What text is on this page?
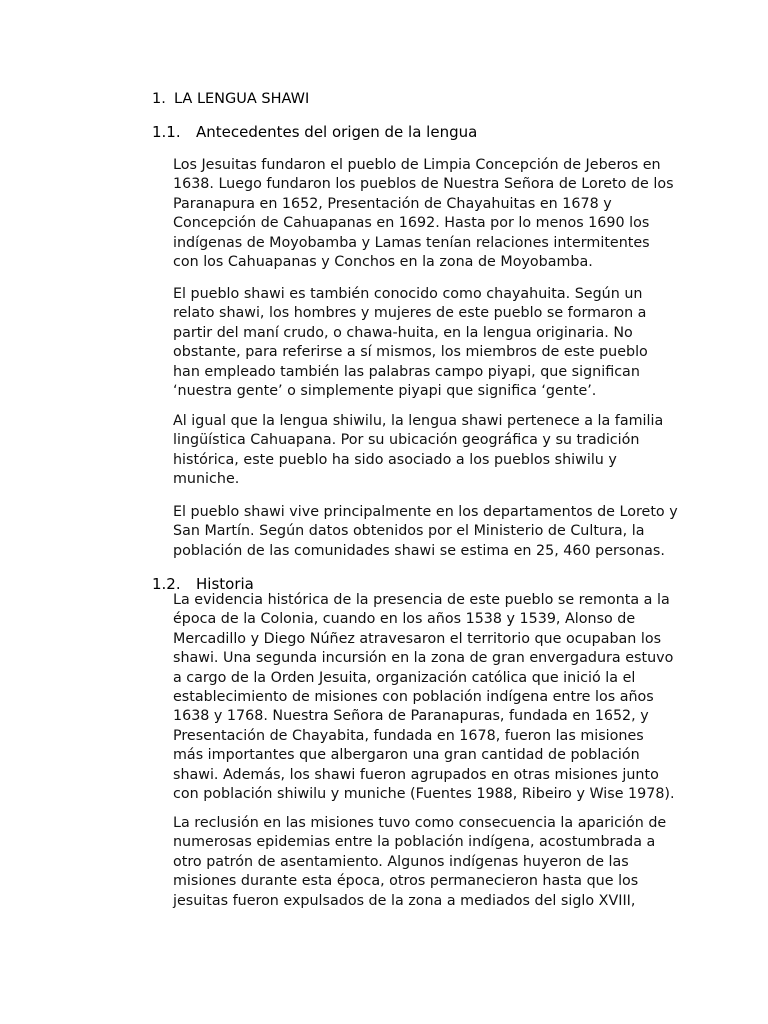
1. LA LENGUA SHAWI
1.1. Antecedentes del origen de la lengua

Los Jesuitas fundaron el pueblo de Limpia Concepción de Jeberos en
1638. Luego fundaron los pueblos de Nuestra Señora de Loreto de los
Paranapura en 1652, Presentación de Chayahuitas en 1678 y
Concepción de Cahuapanas en 1692. Hasta por lo menos 1690 los
indígenas de Moyobamba y Lamas tenían relaciones intermitentes
con los Cahuapanas y Conchos en la zona de Moyobamba.

El pueblo shawi es también conocido como chayahuita. Según un
relato shawi, los hombres y mujeres de este pueblo se formaron a
partir del maní crudo, o chawa-huita, en la lengua originaria. No
obstante, para referirse a sí mismos, los miembros de este pueblo
han empleado también las palabras campo piyapi, que significan
‘nuestra gente’ o simplemente piyapi que significa ‘gente’.

Al igual que la lengua shiwilu, la lengua shawi pertenece a la familia
lingüística Cahuapana. Por su ubicación geográfica y su tradición
histórica, este pueblo ha sido asociado a los pueblos shiwilu y
muniche.

El pueblo shawi vive principalmente en los departamentos de Loreto y
San Martín. Según datos obtenidos por el Ministerio de Cultura, la
población de las comunidades shawi se estima en 25, 460 personas.

1.2. Historia

La evidencia histórica de la presencia de este pueblo se remonta a la
época de la Colonia, cuando en los años 1538 y 1539, Alonso de
Mercadillo y Diego Núñez atravesaron el territorio que ocupaban los
shawi. Una segunda incursión en la zona de gran envergadura estuvo
a cargo de la Orden Jesuita, organización católica que inició la el
establecimiento de misiones con población indígena entre los años
1638 y 1768. Nuestra Señora de Paranapuras, fundada en 1652, y
Presentación de Chayabita, fundada en 1678, fueron las misiones
más importantes que albergaron una gran cantidad de población
shawi. Además, los shawi fueron agrupados en otras misiones junto
con población shiwilu y muniche (Fuentes 1988, Ribeiro y Wise 1978).

La reclusión en las misiones tuvo como consecuencia la aparición de
numerosas epidemias entre la población indígena, acostumbrada a
otro patrón de asentamiento. Algunos indígenas huyeron de las
misiones durante esta época, otros permanecieron hasta que los
jesuitas fueron expulsados de la zona a mediados del siglo XVIII,
